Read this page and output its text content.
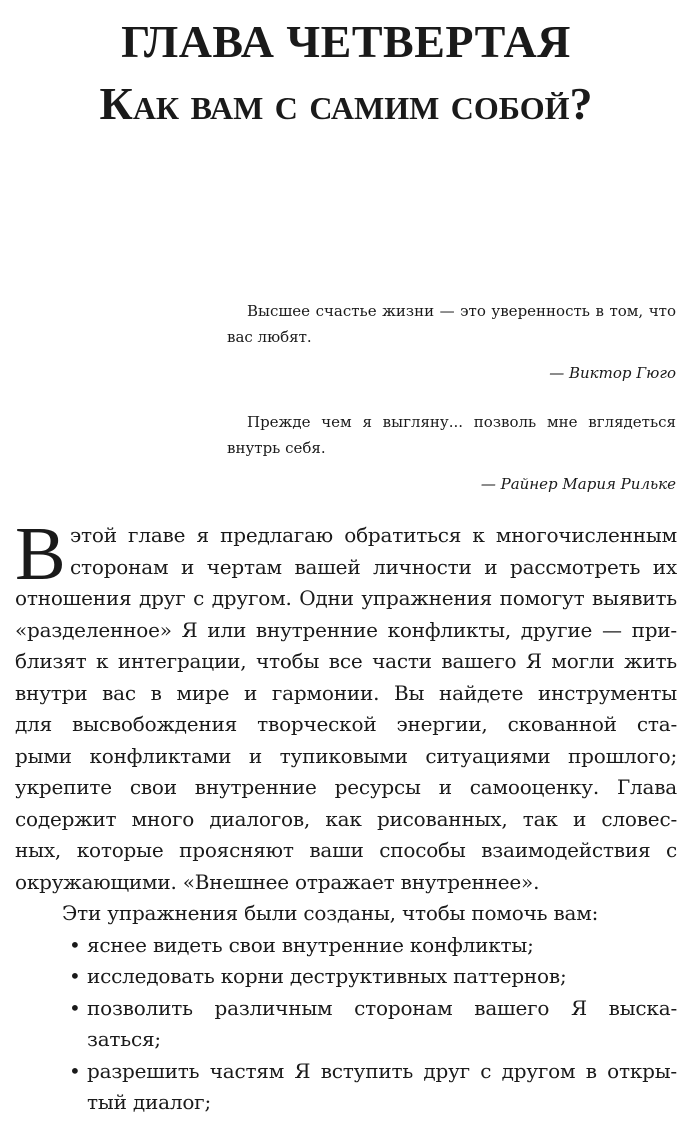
ГЛАВА ЧЕТВЕРТАЯ
Как вам с самим собой?

Высшее счастье жизни — это уверенность в том, что вас любят.

— Виктор Гюго

Прежде чем я выгляну... позволь мне вглядеться внутрь себя.

— Райнер Мария Рильке

В этой главе я предлагаю обратиться к многочисленным
сторонам и чертам вашей личности и рассмотреть их
отношения друг с другом. Одни упражнения помогут выявить
«разделенное» Я или внутренние конфликты, другие — при-
близят к интеграции, чтобы все части вашего Я могли жить
внутри вас в мире и гармонии. Вы найдете инструменты
для высвобождения творческой энергии, скованной ста-
рыми конфликтами и тупиковыми ситуациями прошлого;
укрепите свои внутренние ресурсы и самооценку. Глава
содержит много диалогов, как рисованных, так и словес-
ных, которые проясняют ваши способы взаимодействия с
окружающими. «Внешнее отражает внутреннее».
Эти упражнения были созданы, чтобы помочь вам:
• яснее видеть свои внутренние конфликты;
• исследовать корни деструктивных паттернов;
• позволить различным сторонам вашего Я выска-
заться;
• разрешить частям Я вступить друг с другом в откры-
тый диалог;
